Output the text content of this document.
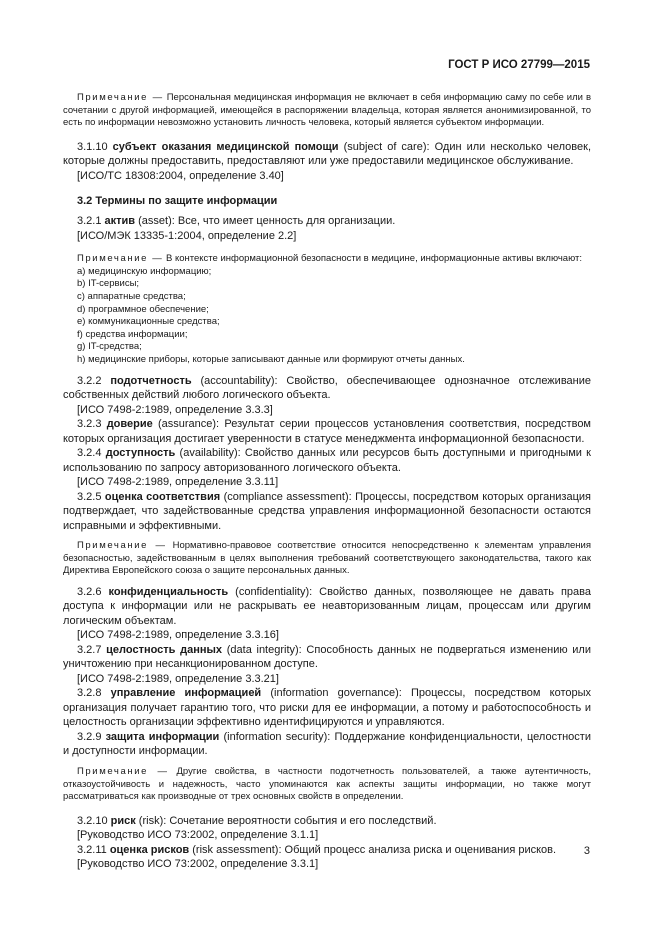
ГОСТ Р ИСО 27799—2015

Примечание — Персональная медицинская информация не включает в себя информацию саму по себе или в сочетании с другой информацией, имеющейся в распоряжении владельца, которая является анонимизированной, то есть по информации невозможно установить личность человека, который является субъектом информации.

3.1.10 субъект оказания медицинской помощи (subject of care): Один или несколько человек, которые должны предоставить, предоставляют или уже предоставили медицинское обслуживание.

[ИСО/ТС 18308:2004, определение 3.40]

3.2 Термины по защите информации

3.2.1 актив (asset): Все, что имеет ценность для организации.

[ИСО/МЭК 13335-1:2004, определение 2.2]

Примечание — В контексте информационной безопасности в медицине, информационные активы включают:

a) медицинскую информацию;
b) IT-сервисы;
c) аппаратные средства;
d) программное обеспечение;
e) коммуникационные средства;
f) средства информации;
g) IT-средства;
h) медицинские приборы, которые записывают данные или формируют отчеты данных.

3.2.2 подотчетность (accountability): Свойство, обеспечивающее однозначное отслеживание собственных действий любого логического объекта.

[ИСО 7498-2:1989, определение 3.3.3]

3.2.3 доверие (assurance): Результат серии процессов установления соответствия, посредством которых организация достигает уверенности в статусе менеджмента информационной безопасности.

3.2.4 доступность (availability): Свойство данных или ресурсов быть доступными и пригодными к использованию по запросу авторизованного логического объекта.

[ИСО 7498-2:1989, определение 3.3.11]

3.2.5 оценка соответствия (compliance assessment): Процессы, посредством которых организация подтверждает, что задействованные средства управления информационной безопасности остаются исправными и эффективными.

Примечание — Нормативно-правовое соответствие относится непосредственно к элементам управления безопасностью, задействованным в целях выполнения требований соответствующего законодательства, такого как Директива Европейского союза о защите персональных данных.

3.2.6 конфиденциальность (confidentiality): Свойство данных, позволяющее не давать права доступа к информации или не раскрывать ее неавторизованным лицам, процессам или другим логическим объектам.

[ИСО 7498-2:1989, определение 3.3.16]

3.2.7 целостность данных (data integrity): Способность данных не подвергаться изменению или уничтожению при несанкционированном доступе.

[ИСО 7498-2:1989, определение 3.3.21]

3.2.8 управление информацией (information governance): Процессы, посредством которых организация получает гарантию того, что риски для ее информации, а потому и работоспособность и целостность организации эффективно идентифицируются и управляются.

3.2.9 защита информации (information security): Поддержание конфиденциальности, целостности и доступности информации.

Примечание — Другие свойства, в частности подотчетность пользователей, а также аутентичность, отказоустойчивость и надежность, часто упоминаются как аспекты защиты информации, но также могут рассматриваться как производные от трех основных свойств в определении.

3.2.10 риск (risk): Сочетание вероятности события и его последствий.

[Руководство ИСО 73:2002, определение 3.1.1]

3.2.11 оценка рисков (risk assessment): Общий процесс анализа риска и оценивания рисков.

[Руководство ИСО 73:2002, определение 3.3.1]

3
